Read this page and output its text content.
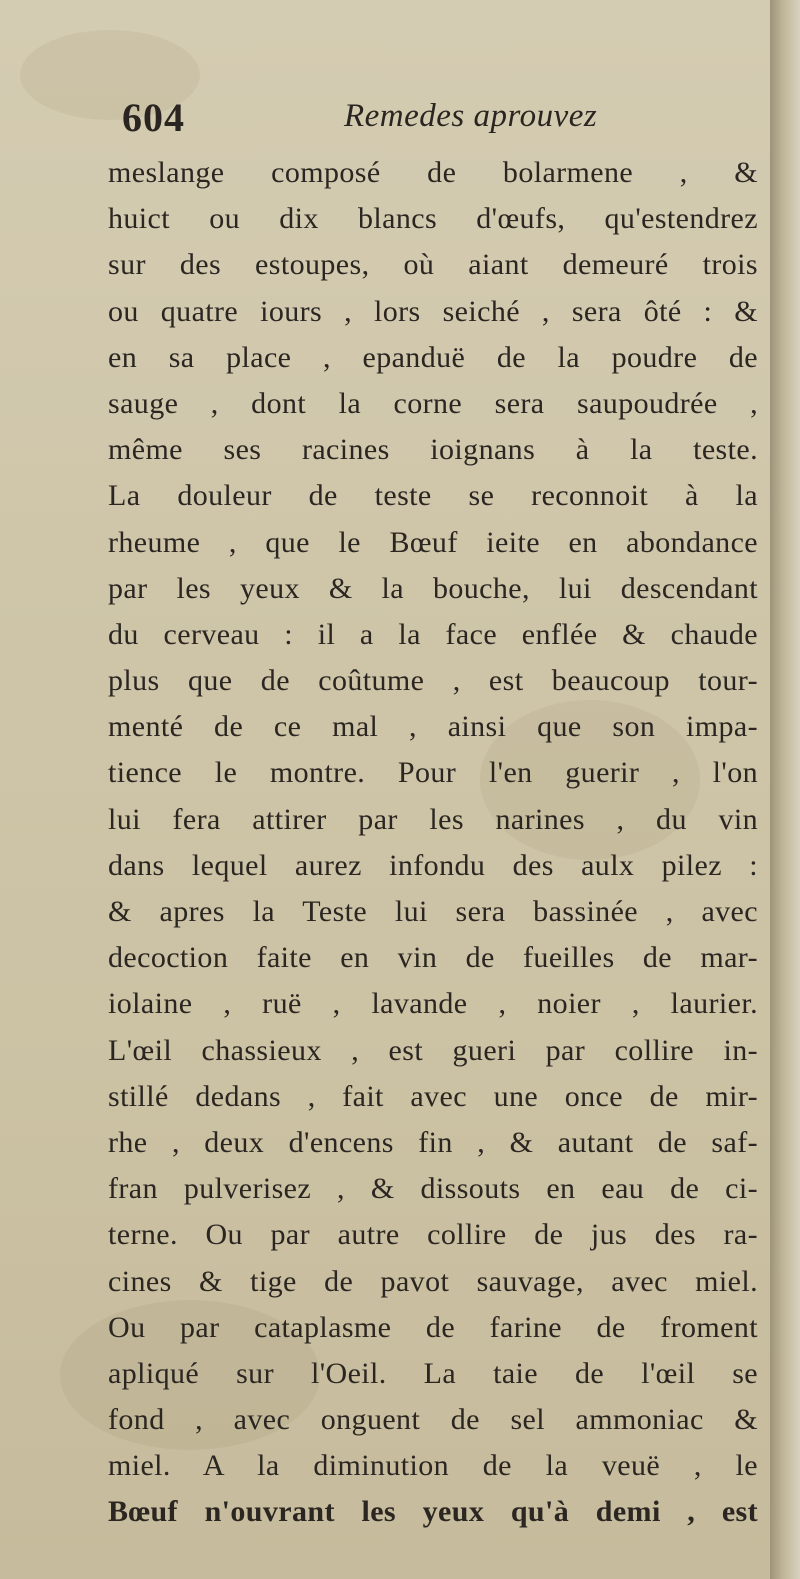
604	Remedes aprouvez
meslange composé de bolarmene , &
huict ou dix blancs d'œufs, qu'estendrez
sur des estoupes, où aiant demeuré trois
ou quatre iours , lors seiché , sera ôté : &
en sa place , epanduë de la poudre de
sauge , dont la corne sera saupoudrée ,
même ses racines ioignans à la teste.
La douleur de teste se reconnoit à la
rheume , que le Bœuf ieite en abondance
par les yeux & la bouche, lui descendant
du cerveau : il a la face enflée & chaude
plus que de coûtume , est beaucoup tour-
menté de ce mal , ainsi que son impa-
tience le montre. Pour l'en guerir , l'on
lui fera attirer par les narines , du vin
dans lequel aurez infondu des aulx pilez :
& apres la Teste lui sera bassinée , avec
decoction faite en vin de fueilles de mar-
iolaine , ruë , lavande , noier , laurier.
L'œil chassieux , est gueri par collire in-
stillé dedans , fait avec une once de mir-
rhe , deux d'encens fin , & autant de saf-
fran pulverisez , & dissouts en eau de ci-
terne. Ou par autre collire de jus des ra-
cines & tige de pavot sauvage, avec miel.
Ou par cataplasme de farine de froment
apliqué sur l'Oeil. La taie de l'œil se
fond , avec onguent de sel ammoniac &
miel. A la diminution de la veuë , le
Bœuf n'ouvrant les yeux qu'à demi , est
